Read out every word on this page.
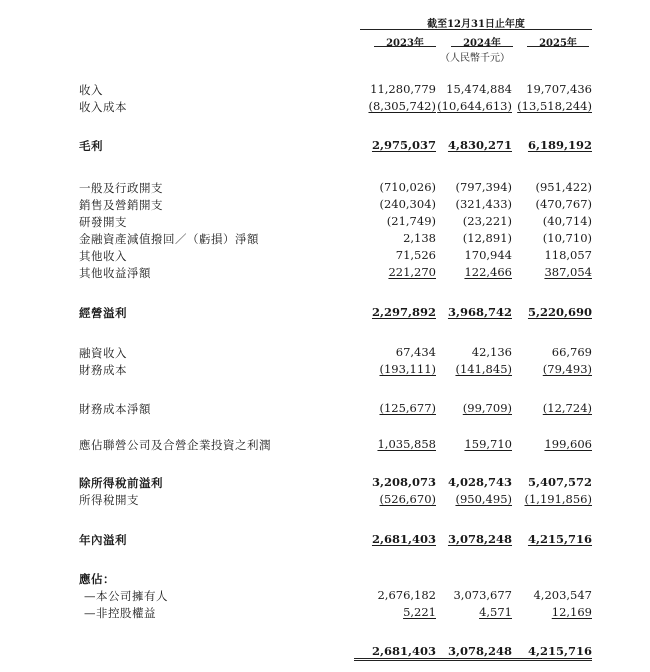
截至12月31日止年度
2023年	2024年	2025年
（人民幣千元）
收入	11,280,779 15,474,884	19,707,436
收入成本	(8,305,742) (10,644,613) (13,518,244)
毛利	2,975,037	4,830,271	6,189,192
一般及行政開支	(710,026)	(797,394)	(951,422)
銷售及營銷開支	(240,304)	(321,433)	(470,767)
研發開支	(21,749)	(23,221)	(40,714)
金融資產減值撥回／（虧損）淨額	2,138	(12,891)	(10,710)
其他收入	71,526	170,944	118,057
其他收益淨額	221,270	122,466	387,054
經營溢利	2,297,892	3,968,742	5,220,690
融資收入	67,434	42,136	66,769
財務成本	(193,111)	(141,845)	(79,493)
財務成本淨額	(125,677)	(99,709)	(12,724)
應佔聯營公司及合營企業投資之利潤	1,035,858	159,710	199,606
除所得稅前溢利	3,208,073	4,028,743	5,407,572
所得稅開支	(526,670)	(950,495)	(1,191,856)
年內溢利	2,681,403	3,078,248	4,215,716
應佔：
—本公司擁有人	2,676,182	3,073,677	4,203,547
—非控股權益	5,221	4,571	12,169
2,681,403	3,078,248	4,215,716
